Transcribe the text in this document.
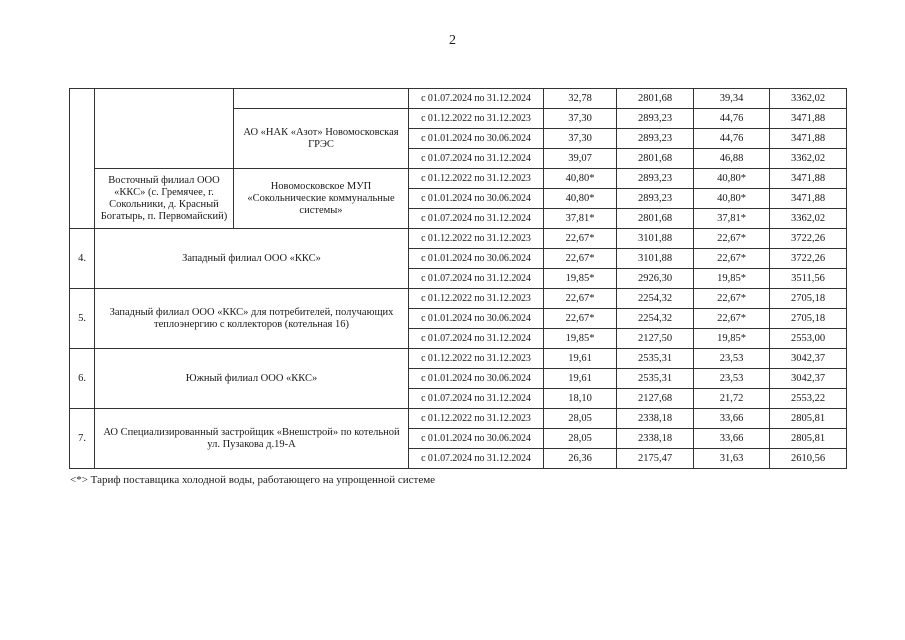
2
			с 01.07.2024 по 31.12.2024	32,78	2801,68	39,34	3362,02
		АО «НАК «Азот» Новомосковская ГРЭС	с 01.12.2022 по 31.12.2023	37,30	2893,23	44,76	3471,88
			с 01.01.2024 по 30.06.2024	37,30	2893,23	44,76	3471,88
			с 01.07.2024 по 31.12.2024	39,07	2801,68	46,88	3362,02
	Восточный филиал ООО «ККС» (с. Гремячее, г. Сокольники, д. Красный Богатырь, п. Первомайский)	Новомосковское МУП «Сокольнические коммунальные системы»	с 01.12.2022 по 31.12.2023	40,80*	2893,23	40,80*	3471,88
			с 01.01.2024 по 30.06.2024	40,80*	2893,23	40,80*	3471,88
			с 01.07.2024 по 31.12.2024	37,81*	2801,68	37,81*	3362,02
4.	Западный филиал ООО «ККС»		с 01.12.2022 по 31.12.2023	22,67*	3101,88	22,67*	3722,26
			с 01.01.2024 по 30.06.2024	22,67*	3101,88	22,67*	3722,26
			с 01.07.2024 по 31.12.2024	19,85*	2926,30	19,85*	3511,56
5.	Западный филиал ООО «ККС» для потребителей, получающих теплоэнергию с коллекторов (котельная 16)		с 01.12.2022 по 31.12.2023	22,67*	2254,32	22,67*	2705,18
			с 01.01.2024 по 30.06.2024	22,67*	2254,32	22,67*	2705,18
			с 01.07.2024 по 31.12.2024	19,85*	2127,50	19,85*	2553,00
6.	Южный филиал ООО «ККС»		с 01.12.2022 по 31.12.2023	19,61	2535,31	23,53	3042,37
			с 01.01.2024 по 30.06.2024	19,61	2535,31	23,53	3042,37
			с 01.07.2024 по 31.12.2024	18,10	2127,68	21,72	2553,22
7.	АО Специализированный застройщик «Внешстрой» по котельной ул. Пузакова д.19-А		с 01.12.2022 по 31.12.2023	28,05	2338,18	33,66	2805,81
			с 01.01.2024 по 30.06.2024	28,05	2338,18	33,66	2805,81
			с 01.07.2024 по 31.12.2024	26,36	2175,47	31,63	2610,56
<*> Тариф поставщика холодной воды, работающего на упрощенной системе
